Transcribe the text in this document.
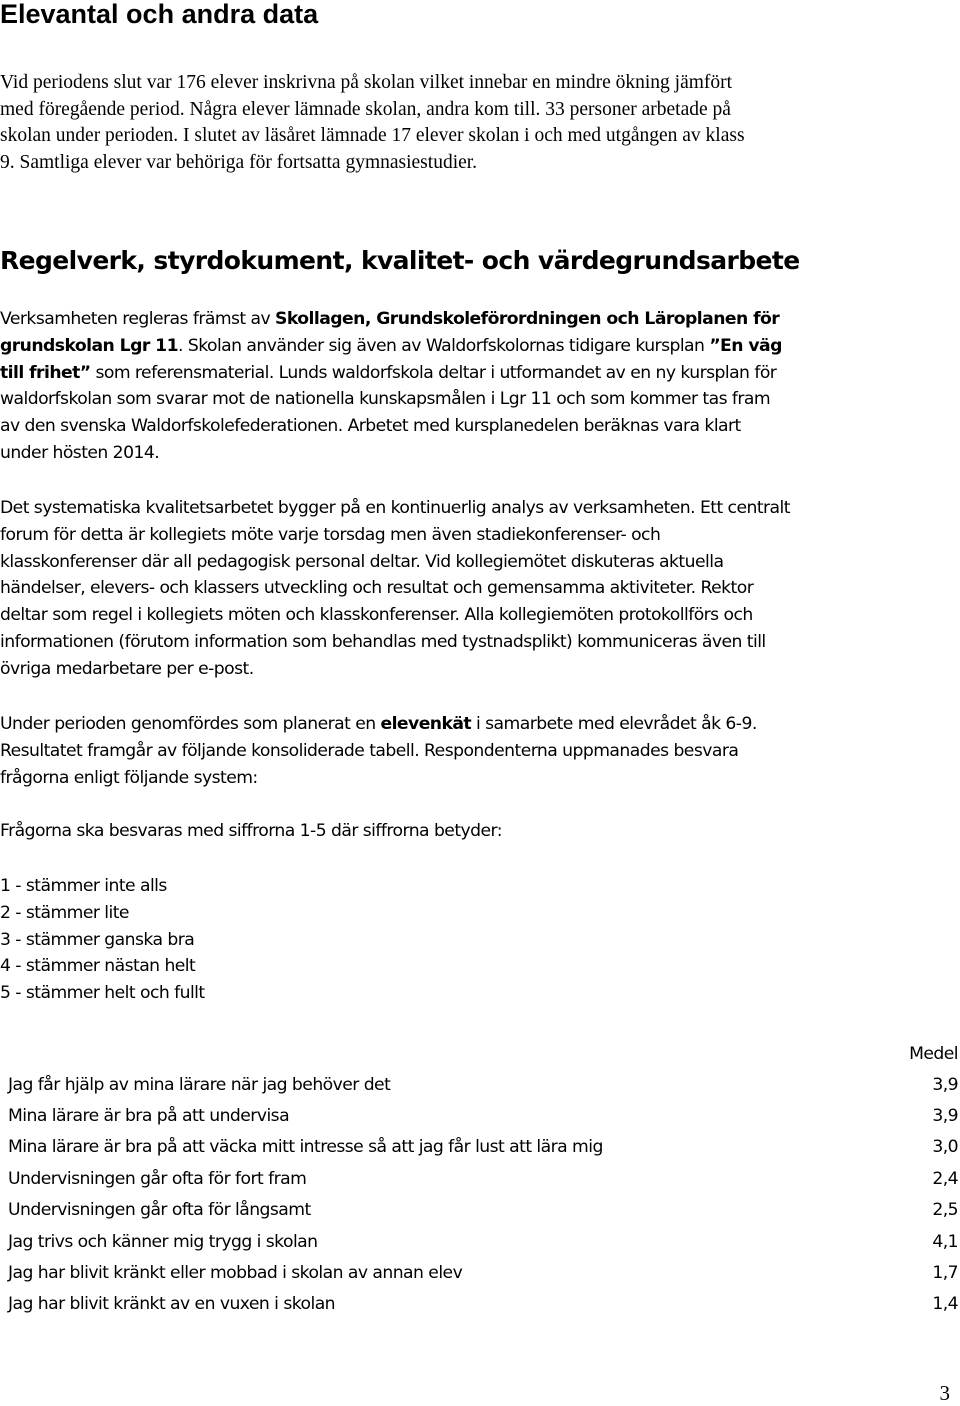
Elevantal och andra data
Vid periodens slut var 176 elever inskrivna på skolan vilket innebar en mindre ökning jämfört
med föregående period. Några elever lämnade skolan, andra kom till. 33 personer arbetade på
skolan under perioden. I slutet av läsåret lämnade 17 elever skolan i och med utgången av klass
9. Samtliga elever var behöriga för fortsatta gymnasiestudier.
Regelverk, styrdokument, kvalitet- och värdegrundsarbete
Verksamheten regleras främst av Skollagen, Grundskoleförordningen och Läroplanen för
grundskolan Lgr 11. Skolan använder sig även av Waldorfskolornas tidigare kursplan ”En väg
till frihet” som referensmaterial. Lunds waldorfskola deltar i utformandet av en ny kursplan för
waldorfskolan som svarar mot de nationella kunskapsmålen i Lgr 11 och som kommer tas fram
av den svenska Waldorfskolefederationen. Arbetet med kursplanedelen beräknas vara klart
under hösten 2014.
Det systematiska kvalitetsarbetet bygger på en kontinuerlig analys av verksamheten. Ett centralt
forum för detta är kollegiets möte varje torsdag men även stadiekonferenser- och
klasskonferenser där all pedagogisk personal deltar. Vid kollegiemötet diskuteras aktuella
händelser, elevers- och klassers utveckling och resultat och gemensamma aktiviteter. Rektor
deltar som regel i kollegiets möten och klasskonferenser. Alla kollegiemöten protokollförs och
informationen (förutom information som behandlas med tystnadsplikt) kommuniceras även till
övriga medarbetare per e-post.
Under perioden genomfördes som planerat en elevenkät i samarbete med elevrådet åk 6-9.
Resultatet framgår av följande konsoliderade tabell. Respondenterna uppmanades besvara
frågorna enligt följande system:
Frågorna ska besvaras med siffrorna 1-5 där siffrorna betyder:
1 - stämmer inte alls
2 - stämmer lite
3 - stämmer ganska bra
4 - stämmer nästan helt
5 - stämmer helt och fullt
	Medel
Jag får hjälp av mina lärare när jag behöver det	3,9
Mina lärare är bra på att undervisa	3,9
Mina lärare är bra på att väcka mitt intresse så att jag får lust att lära mig	3,0
Undervisningen går ofta för fort fram	2,4
Undervisningen går ofta för långsamt	2,5
Jag trivs och känner mig trygg i skolan	4,1
Jag har blivit kränkt eller mobbad i skolan av annan elev	1,7
Jag har blivit kränkt av en vuxen i skolan	1,4
3
